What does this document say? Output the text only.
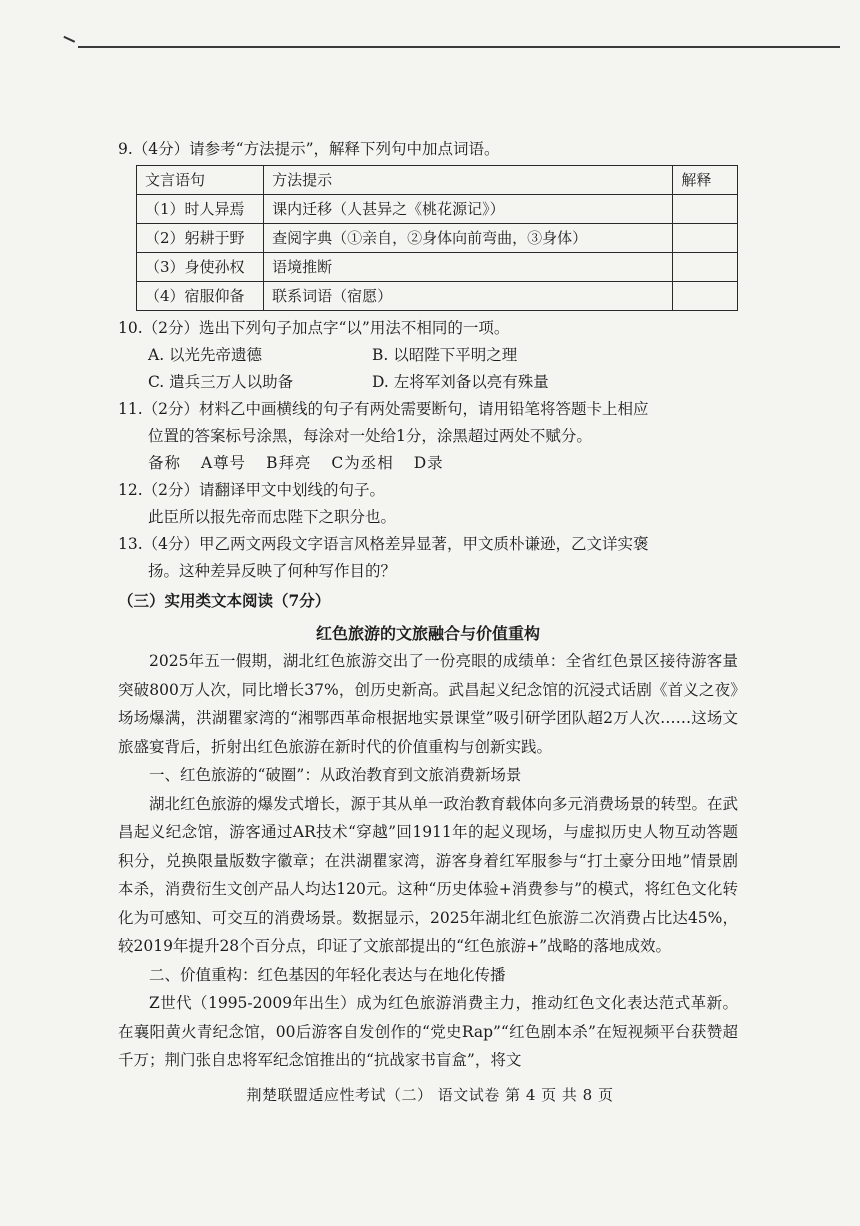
9.（4分）请参考“方法提示”，解释下列句中加点词语。

文言语句	方法提示	解释
（1）时人异焉	课内迁移（人甚异之《桃花源记》）	
（2）躬耕于野	查阅字典（①亲自，②身体向前弯曲，③身体）	
（3）身使孙权	语境推断	
（4）宿服仰备	联系词语（宿愿）	

10.（2分）选出下列句子加点字“以”用法不相同的一项。

A. 以光先帝遗德	B. 以昭陛下平明之理
C. 遣兵三万人以助备	D. 左将军刘备以亮有殊量

11.（2分）材料乙中画横线的句子有两处需要断句，请用铅笔将答题卡上相应

位置的答案标号涂黑，每涂对一处给1分，涂黑超过两处不赋分。

备称 A尊号 B拜亮 C为丞相 D录

12.（2分）请翻译甲文中划线的句子。

此臣所以报先帝而忠陛下之职分也。

13.（4分）甲乙两文两段文字语言风格差异显著，甲文质朴谦逊，乙文详实褒

扬。这种差异反映了何种写作目的？

（三）实用类文本阅读（7分）

红色旅游的文旅融合与价值重构

2025年五一假期，湖北红色旅游交出了一份亮眼的成绩单：全省红色景区接待游客量突破800万人次，同比增长37%，创历史新高。武昌起义纪念馆的沉浸式话剧《首义之夜》场场爆满，洪湖瞿家湾的“湘鄂西革命根据地实景课堂”吸引研学团队超2万人次……这场文旅盛宴背后，折射出红色旅游在新时代的价值重构与创新实践。

一、红色旅游的“破圈”：从政治教育到文旅消费新场景

湖北红色旅游的爆发式增长，源于其从单一政治教育载体向多元消费场景的转型。在武昌起义纪念馆，游客通过AR技术“穿越”回1911年的起义现场，与虚拟历史人物互动答题积分，兑换限量版数字徽章；在洪湖瞿家湾，游客身着红军服参与“打土豪分田地”情景剧本杀，消费衍生文创产品人均达120元。这种“历史体验+消费参与”的模式，将红色文化转化为可感知、可交互的消费场景。数据显示，2025年湖北红色旅游二次消费占比达45%，较2019年提升28个百分点，印证了文旅部提出的“红色旅游+”战略的落地成效。

二、价值重构：红色基因的年轻化表达与在地化传播

Z世代（1995-2009年出生）成为红色旅游消费主力，推动红色文化表达范式革新。在襄阳黄火青纪念馆，00后游客自发创作的“党史Rap”“红色剧本杀”在短视频平台获赞超千万；荆门张自忠将军纪念馆推出的“抗战家书盲盒”，将文

荆楚联盟适应性考试（二） 语文试卷 第 4 页 共 8 页
